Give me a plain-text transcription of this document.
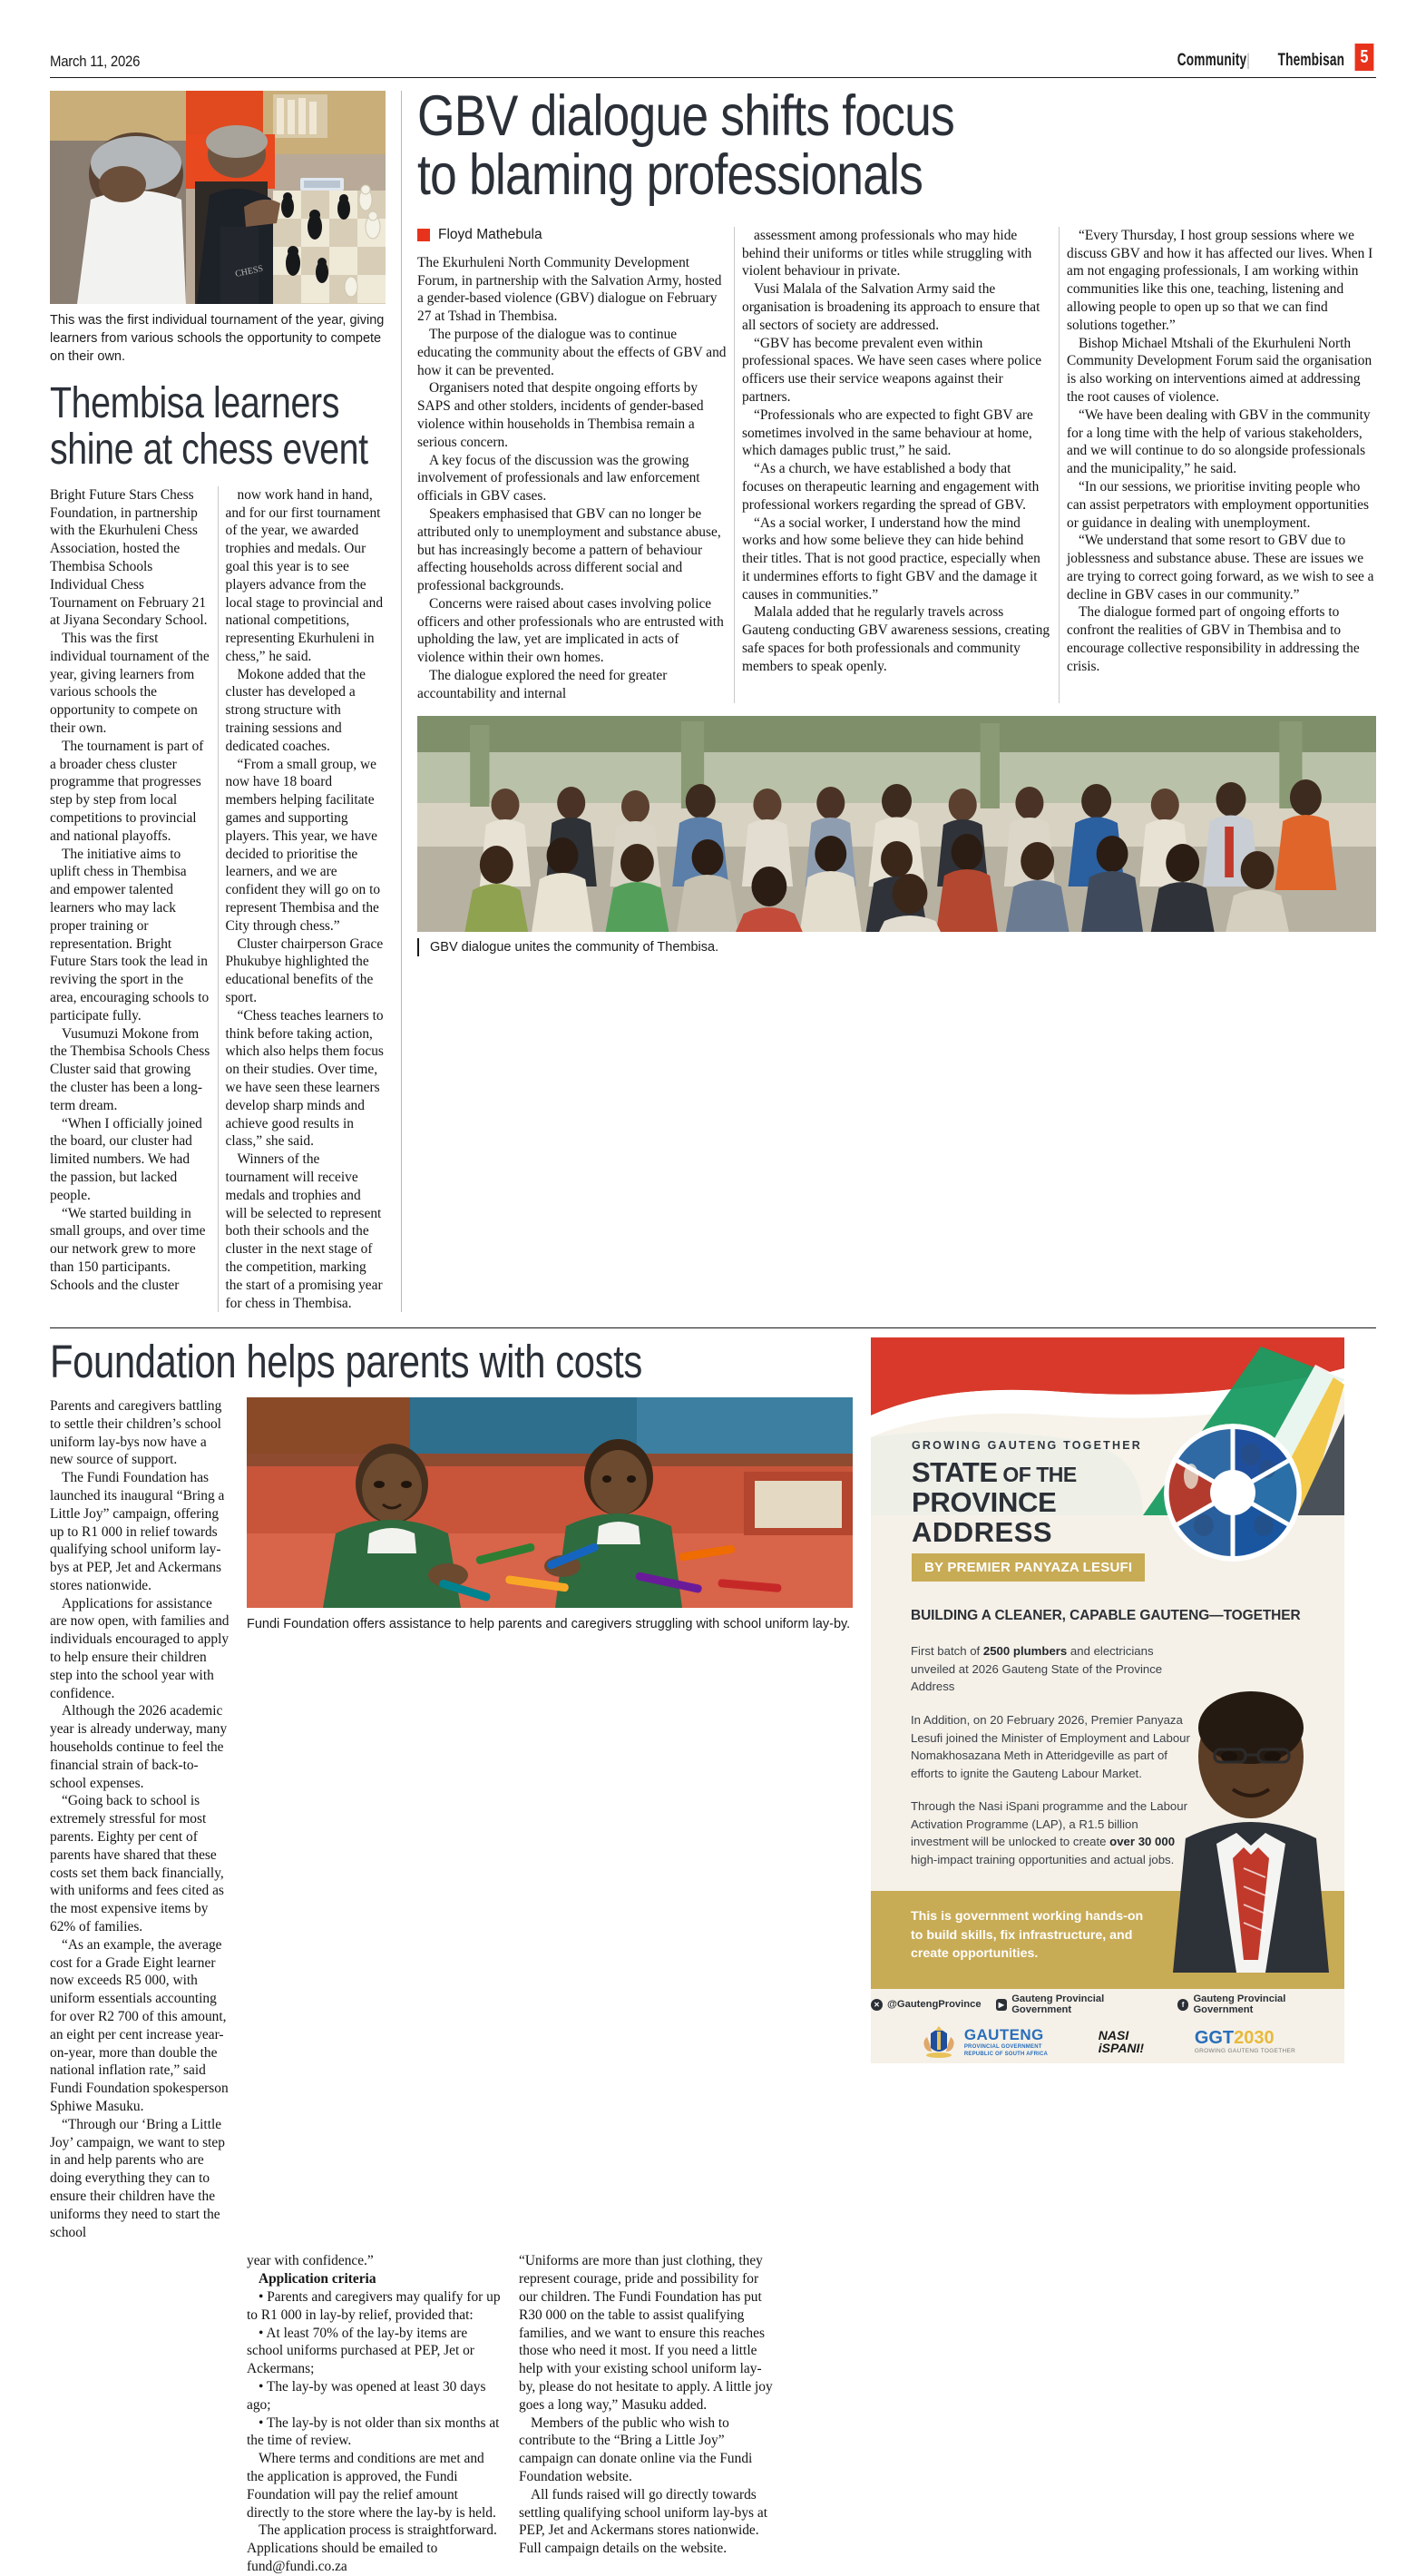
March 11, 2026	Community | Thembisan 5
CHESS
This was the first individual tournament of the year, giving learners from various schools the opportunity to compete on their own.
Thembisa learners shine at chess event

Bright Future Stars Chess Foundation, in partnership with the Ekurhuleni Chess Association, hosted the Thembisa Schools Individual Chess Tournament on February 21 at Jiyana Secondary School.

This was the first individual tournament of the year, giving learners from various schools the opportunity to compete on their own.

The tournament is part of a broader chess cluster programme that progresses step by step from local competitions to provincial and national playoffs.

The initiative aims to uplift chess in Thembisa and empower talented learners who may lack proper training or representation. Bright Future Stars took the lead in reviving the sport in the area, encouraging schools to participate fully.

Vusumuzi Mokone from the Thembisa Schools Chess Cluster said that growing the cluster has been a long-term dream.

“When I officially joined the board, our cluster had limited numbers. We had the passion, but lacked people.

“We started building in small groups, and over time our network grew to more than 150 participants. Schools and the cluster

now work hand in hand, and for our first tournament of the year, we awarded trophies and medals. Our goal this year is to see players advance from the local stage to provincial and national competitions, representing Ekurhuleni in chess,” he said.

Mokone added that the cluster has developed a strong structure with training sessions and dedicated coaches.

“From a small group, we now have 18 board members helping facilitate games and supporting players. This year, we have decided to prioritise the learners, and we are confident they will go on to represent Thembisa and the City through chess.”

Cluster chairperson Grace Phukubye highlighted the educational benefits of the sport.

“Chess teaches learners to think before taking action, which also helps them focus on their studies. Over time, we have seen these learners develop sharp minds and achieve good results in class,” she said.

Winners of the tournament will receive medals and trophies and will be selected to represent both their schools and the cluster in the next stage of the competition, marking the start of a promising year for chess in Thembisa.

GBV dialogue shifts focus
to blaming professionals
Floyd Mathebula

The Ekurhuleni North Community Development Forum, in partnership with the Salvation Army, hosted a gender-based violence (GBV) dialogue on February 27 at Tshad in Thembisa.

The purpose of the dialogue was to continue educating the community about the effects of GBV and how it can be prevented.

Organisers noted that despite ongoing efforts by SAPS and other stolders, incidents of gender-based violence within households in Thembisa remain a serious concern.

A key focus of the discussion was the growing involvement of professionals and law enforcement officials in GBV cases.

Speakers emphasised that GBV can no longer be attributed only to unemployment and substance abuse, but has increasingly become a pattern of behaviour affecting households across different social and professional backgrounds.

Concerns were raised about cases involving police officers and other professionals who are entrusted with upholding the law, yet are implicated in acts of violence within their own homes.

The dialogue explored the need for greater accountability and internal

assessment among professionals who may hide behind their uniforms or titles while struggling with violent behaviour in private.

Vusi Malala of the Salvation Army said the organisation is broadening its approach to ensure that all sectors of society are addressed.

“GBV has become prevalent even within professional spaces. We have seen cases where police officers use their service weapons against their partners.

“Professionals who are expected to fight GBV are sometimes involved in the same behaviour at home, which damages public trust,” he said.

“As a church, we have established a body that focuses on therapeutic learning and engagement with professional workers regarding the spread of GBV.

“As a social worker, I understand how the mind works and how some believe they can hide behind their titles. That is not good practice, especially when it undermines efforts to fight GBV and the damage it causes in communities.”

Malala added that he regularly travels across Gauteng conducting GBV awareness sessions, creating safe spaces for both professionals and community members to speak openly.

“Every Thursday, I host group sessions where we discuss GBV and how it has affected our lives. When I am not engaging professionals, I am working within communities like this one, teaching, listening and allowing people to open up so that we can find solutions together.”

Bishop Michael Mtshali of the Ekurhuleni North Community Development Forum said the organisation is also working on interventions aimed at addressing the root causes of violence.

“We have been dealing with GBV in the community for a long time with the help of various stakeholders, and we will continue to do so alongside professionals and the municipality,” he said.

“In our sessions, we prioritise inviting people who can assist perpetrators with employment opportunities or guidance in dealing with unemployment.

“We understand that some resort to GBV due to joblessness and substance abuse. These are issues we are trying to correct going forward, as we wish to see a decline in GBV cases in our community.”

The dialogue formed part of ongoing efforts to confront the realities of GBV in Thembisa and to encourage collective responsibility in addressing the crisis.

GBV dialogue unites the community of Thembisa.
Foundation helps parents with costs

Parents and caregivers battling to settle their children’s school uniform lay-bys now have a new source of support.

The Fundi Foundation has launched its inaugural “Bring a Little Joy” campaign, offering up to R1 000 in relief towards qualifying school uniform lay-bys at PEP, Jet and Ackermans stores nationwide.

Applications for assistance are now open, with families and individuals encouraged to apply to help ensure their children step into the school year with confidence.

Although the 2026 academic year is already underway, many households continue to feel the financial strain of back-to-school expenses.

“Going back to school is extremely stressful for most parents. Eighty per cent of parents have shared that these costs set them back financially, with uniforms and fees cited as the most expensive items by 62% of families.

“As an example, the average cost for a Grade Eight learner now exceeds R5 000, with uniform essentials accounting for over R2 700 of this amount, an eight per cent increase year-on-year, more than double the national inflation rate,” said Fundi Foundation spokesperson Sphiwe Masuku.

“Through our ‘Bring a Little Joy’ campaign, we want to step in and help parents who are doing everything they can to ensure their children have the uniforms they need to start the school

Fundi Foundation offers assistance to help parents and caregivers struggling with school uniform lay-by.

year with confidence.”

Application criteria

• Parents and caregivers may qualify for up to R1 000 in lay-by relief, provided that:

• At least 70% of the lay-by items are school uniforms purchased at PEP, Jet or Ackermans;

• The lay-by was opened at least 30 days ago;

• The lay-by is not older than six months at the time of review.

Where terms and conditions are met and the application is approved, the Fundi Foundation will pay the relief amount directly to the store where the lay-by is held.

The application process is straightforward. Applications should be emailed to fund@fundi.co.za

“Uniforms are more than just clothing, they represent courage, pride and possibility for our children. The Fundi Foundation has put R30 000 on the table to assist qualifying families, and we want to ensure this reaches those who need it most. If you need a little help with your existing school uniform lay-by, please do not hesitate to apply. A little joy goes a long way,” Masuku added.

Members of the public who wish to contribute to the “Bring a Little Joy” campaign can donate online via the Fundi Foundation website.

All funds raised will go directly towards settling qualifying school uniform lay-bys at PEP, Jet and Ackermans stores nationwide. Full campaign details on the website.

GROWING GAUTENG TOGETHER
STATE OF THE
PROVINCE
ADDRESS
BY PREMIER PANYAZA LESUFI
BUILDING A CLEANER, CAPABLE GAUTENG—TOGETHER
First batch of 2500 plumbers and electricians unveiled at 2026 Gauteng State of the Province Address
In Addition, on 20 February 2026, Premier Panyaza Lesufi joined the Minister of Employment and Labour Nomakhosazana Meth in Atteridgeville as part of efforts to ignite the Gauteng Labour Market.
Through the Nasi iSpani programme and the Labour Activation Programme (LAP), a R1.5 billion investment will be unlocked to create over 30 000 high-impact training opportunities and actual jobs.
This is government working hands-on to build skills, fix infrastructure, and create opportunities.
✕ @GautengProvince	▶ Gauteng Provincial Government	f Gauteng Provincial Government
GAUTENG
PROVINCIAL GOVERNMENT
REPUBLIC OF SOUTH AFRICA
NASI
iSPANI!
GGT2030
GROWING GAUTENG TOGETHER
